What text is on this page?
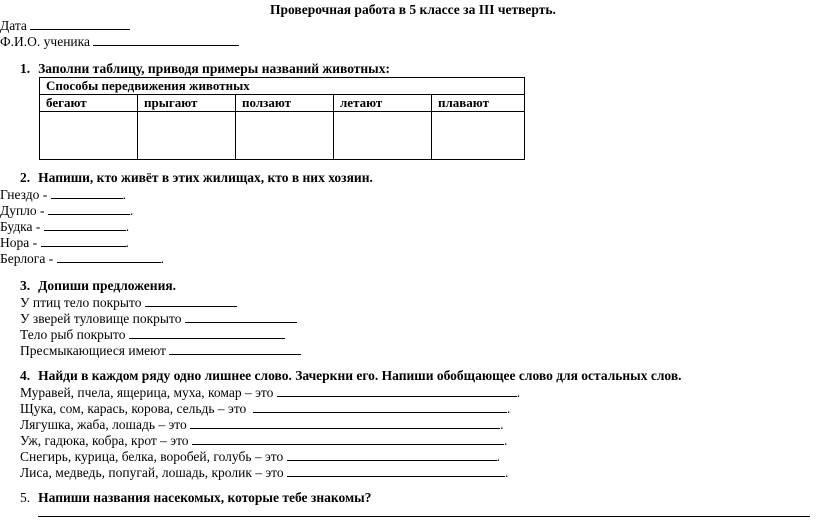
Проверочная работа в 5 классе за III четверть.
Дата
Ф.И.О. ученика
1. Заполни таблицу, приводя примеры названий животных:
Способы передвижения животных				
бегают	прыгают	ползают	летают	плавают

2. Напиши, кто живёт в этих жилищах, кто в них хозяин.
Гнездо -	.
Дупло -	.
Будка -	.
Нора -	.
Берлога -	.
3. Допиши предложения.
У птиц тело покрыто
У зверей туловище покрыто
Тело рыб покрыто
Пресмыкающиеся имеют
4. Найди в каждом ряду одно лишнее слово. Зачеркни его. Напиши обобщающее слово для остальных слов.
Муравей, пчела, ящерица, муха, комар – это	.
Щука, сом, карась, корова, сельдь – это	.
Лягушка, жаба, лошадь – это	.
Уж, гадюка, кобра, крот – это	.
Снегирь, курица, белка, воробей, голубь – это	.
Лиса, медведь, попугай, лошадь, кролик – это	.
5. Напиши названия насекомых, которые тебе знакомы?
